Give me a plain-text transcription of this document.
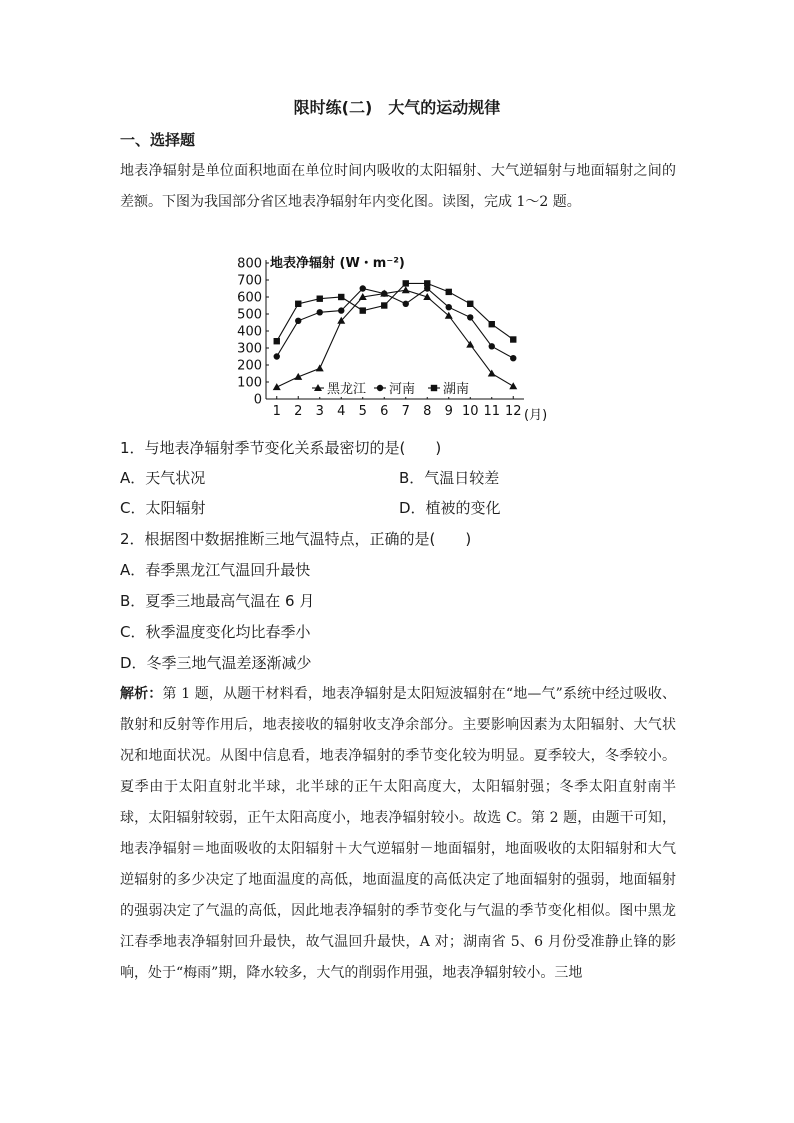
限时练(二)　大气的运动规律
一、选择题
地表净辐射是单位面积地面在单位时间内吸收的太阳辐射、大气逆辐射与地面辐射之间的差额。下图为我国部分省区地表净辐射年内变化图。读图，完成 1～2 题。
地表净辐射 (W・m⁻²)
0
100
200
300
400
500
600
700
800
1 2 3 4 5 6 7 8 9 10 11 12
黑龙江 河南 湖南
(月)
1．与地表净辐射季节变化关系最密切的是(　　)
A．天气状况	B．气温日较差
C．太阳辐射	D．植被的变化
2．根据图中数据推断三地气温特点，正确的是(　　)
A．春季黑龙江气温回升最快
B．夏季三地最高气温在 6 月
C．秋季温度变化均比春季小
D．冬季三地气温差逐渐减少
解析：第 1 题，从题干材料看，地表净辐射是太阳短波辐射在“地—气”系统中经过吸收、散射和反射等作用后，地表接收的辐射收支净余部分。主要影响因素为太阳辐射、大气状况和地面状况。从图中信息看，地表净辐射的季节变化较为明显。夏季较大，冬季较小。夏季由于太阳直射北半球，北半球的正午太阳高度大，太阳辐射强；冬季太阳直射南半球，太阳辐射较弱，正午太阳高度小，地表净辐射较小。故选 C。第 2 题，由题干可知，地表净辐射＝地面吸收的太阳辐射＋大气逆辐射－地面辐射，地面吸收的太阳辐射和大气逆辐射的多少决定了地面温度的高低，地面温度的高低决定了地面辐射的强弱，地面辐射的强弱决定了气温的高低，因此地表净辐射的季节变化与气温的季节变化相似。图中黑龙江春季地表净辐射回升最快，故气温回升最快，A 对；湖南省 5、6 月份受准静止锋的影响，处于“梅雨”期，降水较多，大气的削弱作用强，地表净辐射较小。三地
